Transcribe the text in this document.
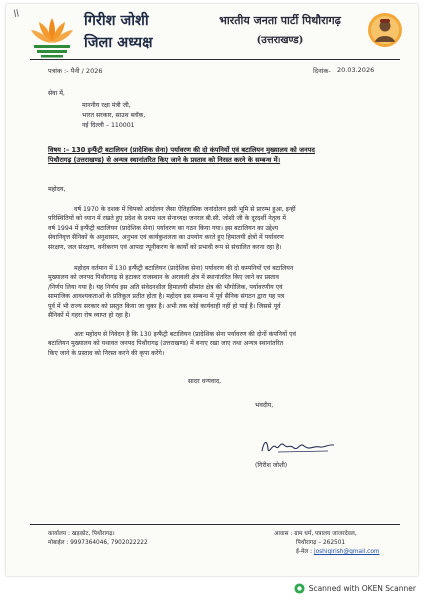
॥	गिरीश जोशी
जिला अध्यक्ष
भारतीय जनता पार्टी पिथौरागढ़
(उत्तराखण्ड)
पत्रांक :- पैनी / 2026	दिनांक- 20.03.2026
सेवा में,
माननीय रक्षा मंत्री जी,
भारत सरकार, साउथ ब्लॉक,
नई दिल्ली – 110001
विषय :– 130 इन्फैंट्री बटालियन (प्रादेशिक सेना) पर्यावरण की दो कंपनियों एवं बटालियन मुख्यालय को जनपद
पिथौरागढ़ (उत्तराखण्ड) से अन्यत्र स्थानांतरित किए जाने के प्रस्ताव को निरस्त करने के सम्बन्ध में।
महोदय,
वर्ष 1970 के दशक में चिपको आंदोलन जैसा ऐतिहासिक जनांदोलन इसी भूमि से प्रारम्भ हुआ, इन्हीं
परिस्थितियों को ध्यान में रखते हुए प्रदेश के प्रथम थल सेनाध्यक्ष जनरल बी.सी. जोशी जी के दूरदर्शी नेतृत्व में
वर्ष 1994 में इन्फैंट्री बटालियन (प्रादेशिक सेना) पर्यावरण का गठन किया गया। इस बटालियन का उद्देश्य
सेवानिवृत्त सैनिकों के अनुशासन, अनुभव एवं कार्यकुशलता का उपयोग करते हुए हिमालयी क्षेत्रों में पर्यावरण
संरक्षण, जल संरक्षण, वनीकरण एवं आपदा न्यूनीकरण के कार्यों को प्रभावी रूप से संचालित करना रहा है।
महोदय वर्तमान में 130 इन्फैंट्री बटालियन (प्रादेशिक सेना) पर्यावरण की दो कम्पनियों एवं बटालियन
मुख्यालय को जनपद पिथौरागढ़ से हटाकर राजस्थान के अरावली क्षेत्र में स्थानांतरित किए जाने का प्रस्ताव
/निर्णय लिया गया है। यह निर्णय इस अति संवेदनशील हिमालयी सीमांत क्षेत्र की भौगोलिक, पर्यावरणीय एवं
सामाजिक आवश्यकताओं के प्रतिकूल प्रतीत होता है। महोदय इस सम्बन्ध में पूर्व सैनिक संगठन द्वारा यह पत्र
पूर्व में भी राज्य सरकार को प्रस्तुत किया जा चुका है। अभी तक कोई कार्यवाही नहीं हो पाई है। जिससे पूर्व
सैनिकों में गहरा रोष व्याप्त हो रहा है।
अतः महोदय से निवेदन है कि 130 इन्फैंट्री बटालियन (प्रादेशिक सेना पर्यावरण की दोनों कंपनियों एवं
बटालियन मुख्यालय को यथावत जनपद पिथौरागढ़ (उत्तराखण्ड) में बनाए रखा जाए तथा अन्यत्र स्थानांतरित
किए जाने के प्रस्ताव को निरस्त करने की कृपा करेंगे।
सादर धन्यवाद,
भवदीय,
(गिरीश जोशी)
कार्यालय : खड़कोट, पिथौरागढ़।
मोबाईल : 9997364046, 7902022222
आवास : ग्राम धर्म, पत्रालय जाजरदेवल,
पिथौरागढ़ – 262501
ई-मेल : joshigirish@gmail.com
Scanned with OKEN Scanner
